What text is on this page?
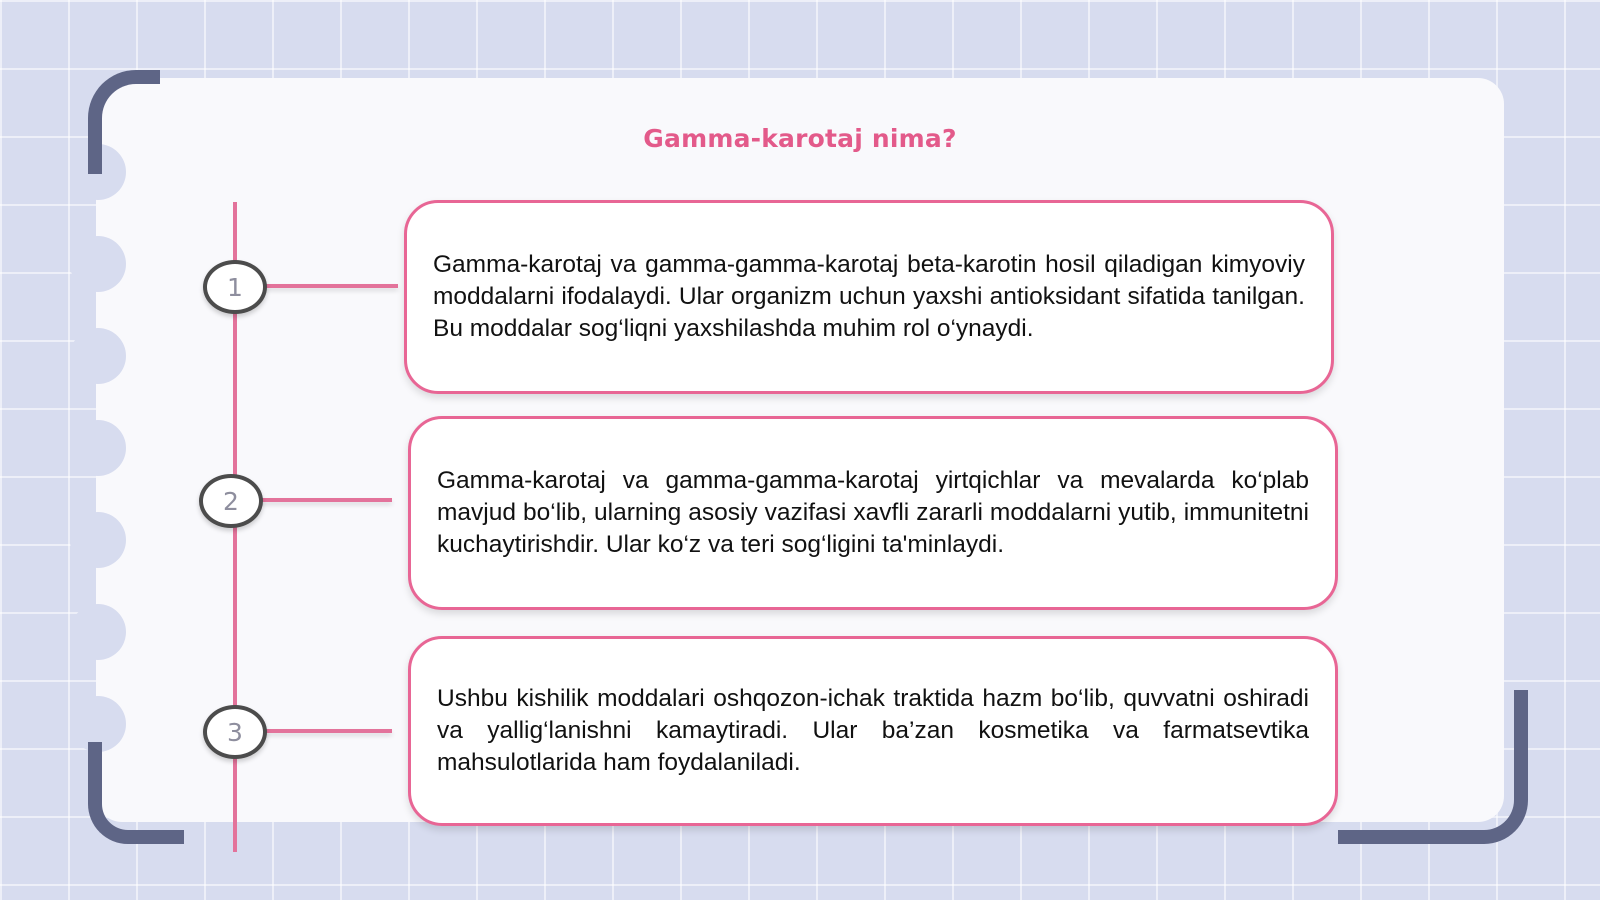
Gamma-karotaj nima?
1

Gamma-karotaj va gamma-gamma-karotaj beta-karotin hosil qiladigan kimyoviy moddalarni ifodalaydi. Ular organizm uchun yaxshi antioksidant sifatida tanilgan. Bu moddalar sog‘liqni yaxshilashda muhim rol o‘ynaydi.

2

Gamma-karotaj va gamma-gamma-karotaj yirtqichlar va mevalarda ko‘plab mavjud bo‘lib, ularning asosiy vazifasi xavfli zararli moddalarni yutib, immunitetni kuchaytirishdir. Ular ko‘z va teri sog‘ligini ta'minlaydi.

3

Ushbu kishilik moddalari oshqozon-ichak traktida hazm bo‘lib, quvvatni oshiradi va yallig‘lanishni kamaytiradi. Ular ba’zan kosmetika va farmatsevtika mahsulotlarida ham foydalaniladi.
